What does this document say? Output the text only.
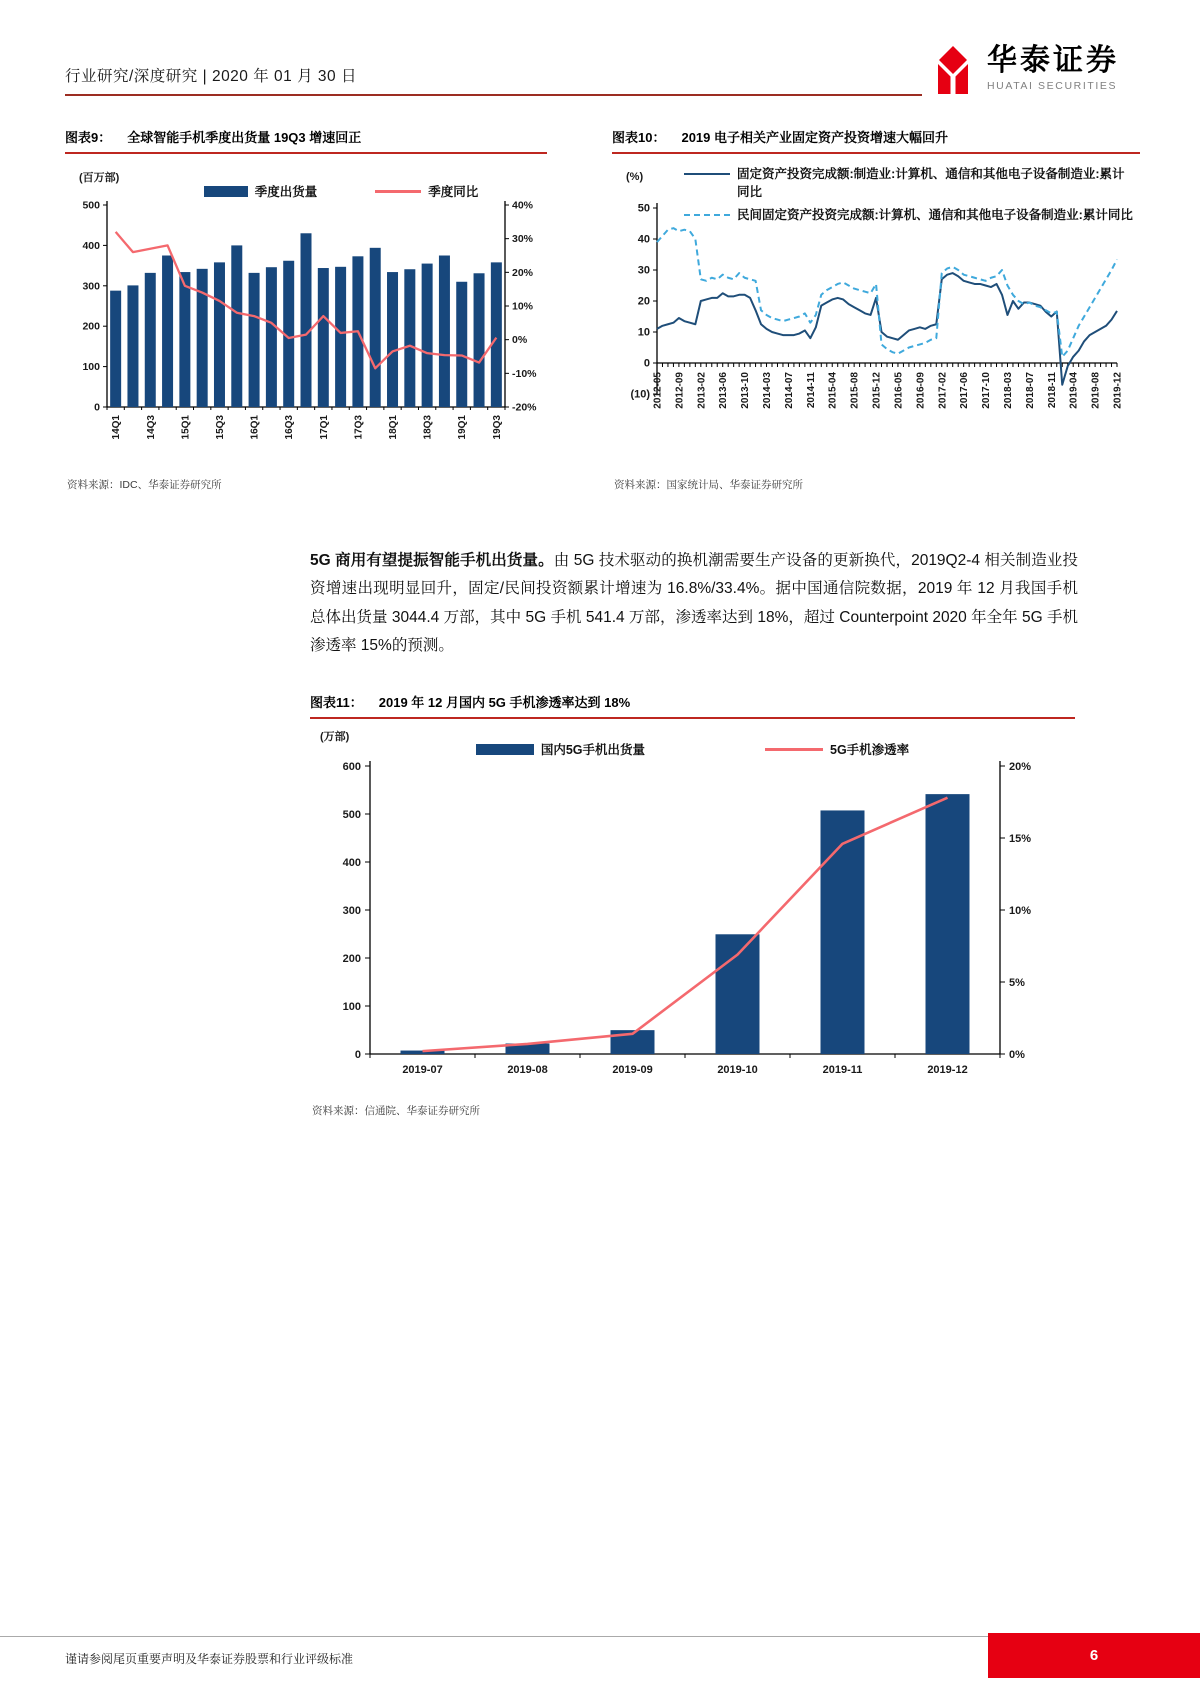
行业研究/深度研究 | 2020 年 01 月 30 日	华泰证券
HUATAI SECURITIES
图表9： 全球智能手机季度出货量 19Q3 增速回正
(百万部)
季度出货量	季度同比
0
100
200
300
400
500	40%
30%
20%
10%
0%
-10%
-20%
14Q1 14Q3 15Q1 15Q3 16Q1 16Q3 17Q1 17Q3 18Q1 18Q3 19Q1 19Q3
资料来源：IDC、华泰证券研究所
图表10： 2019 电子相关产业固定资产投资增速大幅回升
(%)	固定资产投资完成额:制造业:计算机、通信和其他电子设备制造业:累计同比
民间固定资产投资完成额:计算机、通信和其他电子设备制造业:累计同比
50
40
30
20
10
0
(10) 2012-05 2012-09 2013-02 2013-06 2013-10 2014-03 2014-07 2014-11 2015-04 2015-08 2015-12 2016-05 2016-09 2017-02 2017-06 2017-10 2018-03 2018-07 2018-11 2019-04 2019-08 2019-12
资料来源：国家统计局、华泰证券研究所

5G 商用有望提振智能手机出货量。由 5G 技术驱动的换机潮需要生产设备的更新换代，2019Q2-4 相关制造业投资增速出现明显回升，固定/民间投资额累计增速为 16.8%/33.4%。据中国通信院数据，2019 年 12 月我国手机总体出货量 3044.4 万部，其中 5G 手机 541.4 万部，渗透率达到 18%，超过 Counterpoint 2020 年全年 5G 手机渗透率 15%的预测。

图表11： 2019 年 12 月国内 5G 手机渗透率达到 18%
(万部)
国内5G手机出货量	5G手机渗透率
0
100
200
300
400
500
600	20%
15%
10%
5%
0%
2019-07	2019-08	2019-09	2019-10	2019-11	2019-12
资料来源：信通院、华泰证券研究所
谨请参阅尾页重要声明及华泰证券股票和行业评级标准	6
